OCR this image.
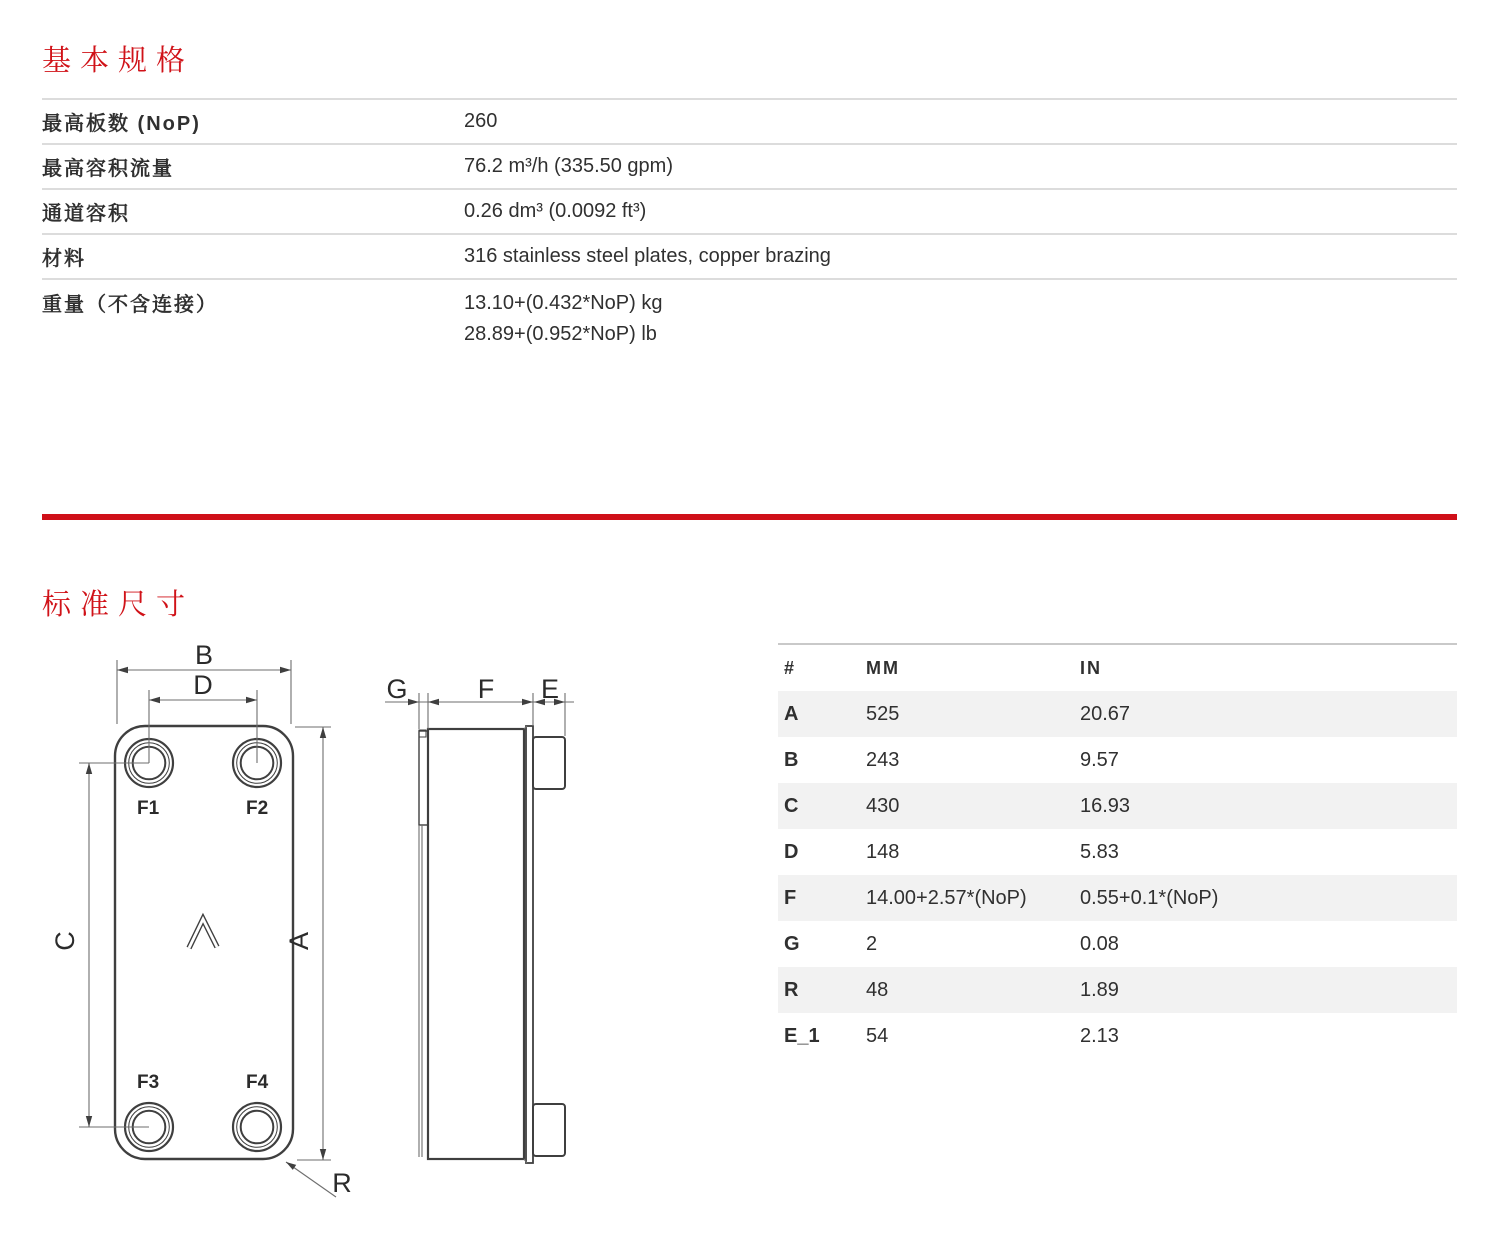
基本规格
最高板数 (NoP)	260
最高容积流量	76.2 m³/h (335.50 gpm)
通道容积	0.26 dm³ (0.0092 ft³)
材料	316 stainless steel plates, copper brazing
重量（不含连接）	13.10+(0.432*NoP) kg
28.89+(0.952*NoP) lb
标准尺寸
B
D
C	A
R
F1	F2
F3	F4
G	F E
#	MM	IN
A	525	20.67
B	243	9.57
C	430	16.93
D	148	5.83
F	14.00+2.57*(NoP)	0.55+0.1*(NoP)
G	2	0.08
R	48	1.89
E_1	54	2.13
